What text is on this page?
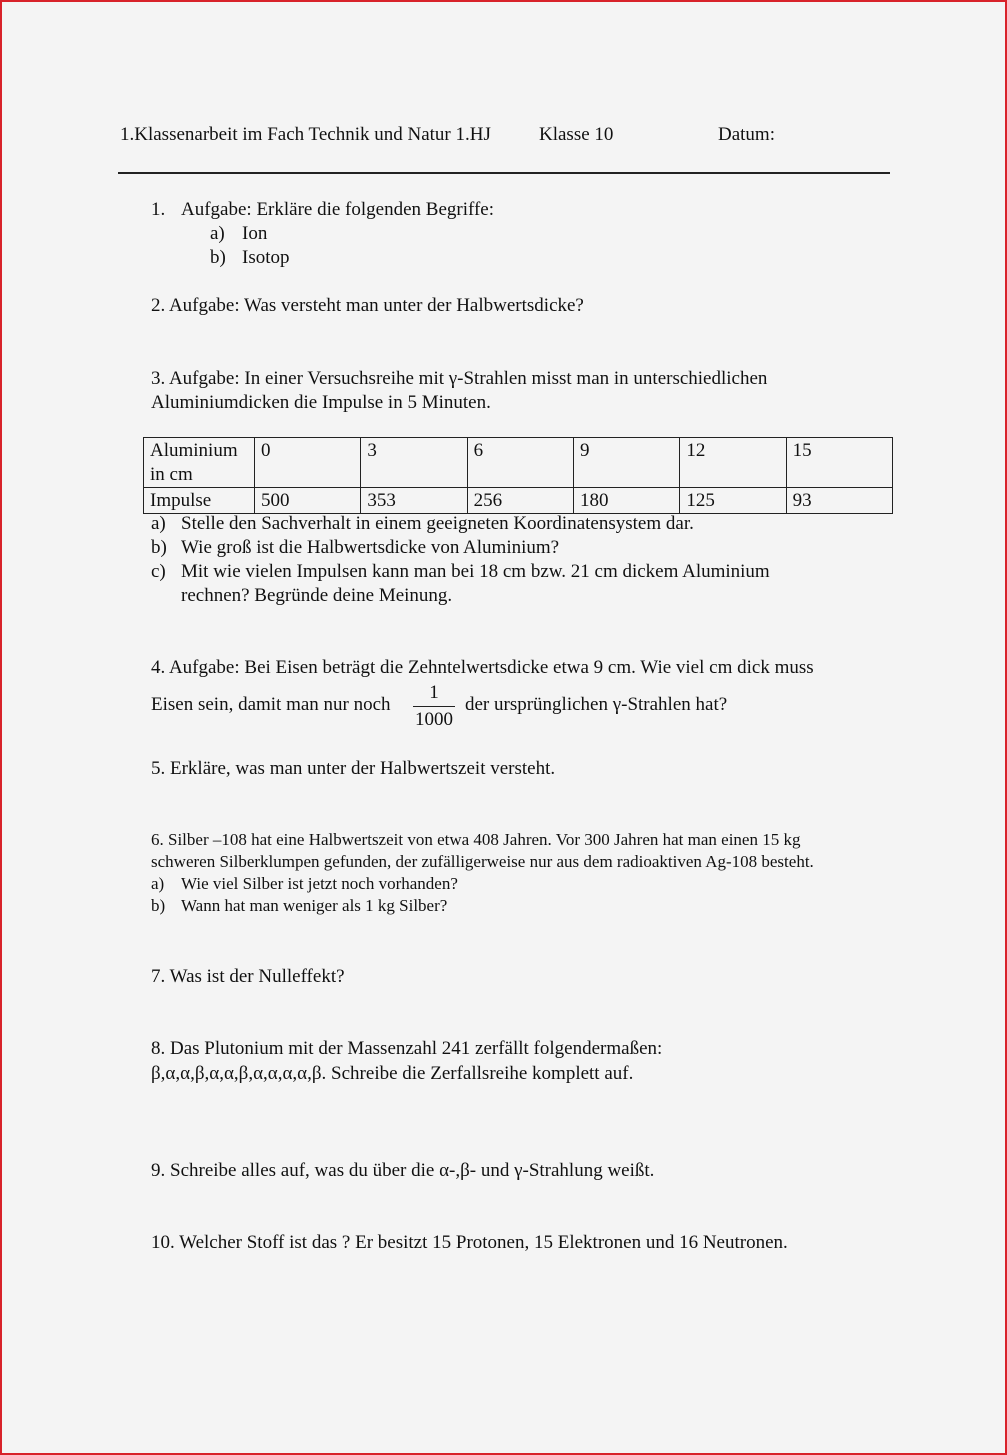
1.Klassenarbeit im Fach Technik und Natur 1.HJ	Klasse 10	Datum:
1. Aufgabe: Erkläre die folgenden Begriffe:
a) Ion
b) Isotop
2. Aufgabe: Was versteht man unter der Halbwertsdicke?
3. Aufgabe: In einer Versuchsreihe mit γ-Strahlen misst man in unterschiedlichen
Aluminiumdicken die Impulse in 5 Minuten.
Aluminium
in cm	0	3	6	9	12	15
Impulse	500	353	256	180	125	93
a) Stelle den Sachverhalt in einem geeigneten Koordinatensystem dar.
b) Wie groß ist die Halbwertsdicke von Aluminium?
c) Mit wie vielen Impulsen kann man bei 18 cm bzw. 21 cm dickem Aluminium
rechnen? Begründe deine Meinung.
4. Aufgabe: Bei Eisen beträgt die Zehntelwertsdicke etwa 9 cm. Wie viel cm dick muss
Eisen sein, damit man nur noch
1
1000
der ursprünglichen γ-Strahlen hat?
5. Erkläre, was man unter der Halbwertszeit versteht.
6. Silber –108 hat eine Halbwertszeit von etwa 408 Jahren. Vor 300 Jahren hat man einen 15 kg
schweren Silberklumpen gefunden, der zufälligerweise nur aus dem radioaktiven Ag-108 besteht.
a) Wie viel Silber ist jetzt noch vorhanden?
b) Wann hat man weniger als 1 kg Silber?
7. Was ist der Nulleffekt?
8. Das Plutonium mit der Massenzahl 241 zerfällt folgendermaßen:
β,α,α,β,α,α,β,α,α,α,α,β. Schreibe die Zerfallsreihe komplett auf.
9. Schreibe alles auf, was du über die α-,β- und γ-Strahlung weißt.
10. Welcher Stoff ist das ? Er besitzt 15 Protonen, 15 Elektronen und 16 Neutronen.
